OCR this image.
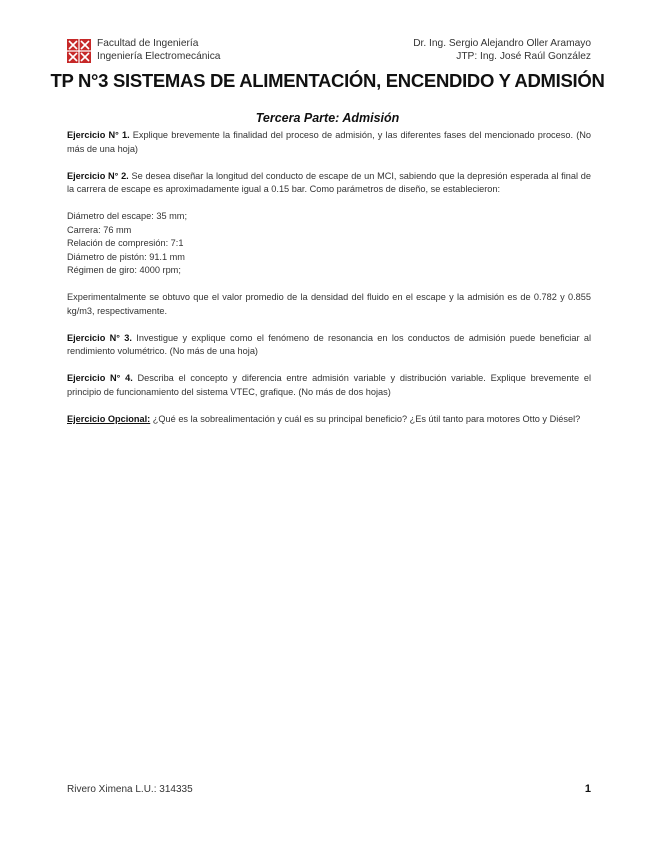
Facultad de Ingeniería
Ingeniería Electromecánica
Dr. Ing. Sergio Alejandro Oller Aramayo
JTP: Ing. José Raúl González
TP N°3 SISTEMAS DE ALIMENTACIÓN, ENCENDIDO Y ADMISIÓN
Tercera Parte: Admisión

Ejercicio N° 1. Explique brevemente la finalidad del proceso de admisión, y las diferentes fases del mencionado proceso. (No más de una hoja)

Ejercicio N° 2. Se desea diseñar la longitud del conducto de escape de un MCI, sabiendo que la depresión esperada al final de la carrera de escape es aproximadamente igual a 0.15 bar. Como parámetros de diseño, se establecieron:

Diámetro del escape: 35 mm;

Carrera: 76 mm

Relación de compresión: 7:1

Diámetro de pistón: 91.1 mm

Régimen de giro: 4000 rpm;

Experimentalmente se obtuvo que el valor promedio de la densidad del fluido en el escape y la admisión es de 0.782 y 0.855 kg/m3, respectivamente.

Ejercicio N° 3. Investigue y explique como el fenómeno de resonancia en los conductos de admisión puede beneficiar al rendimiento volumétrico. (No más de una hoja)

Ejercicio N° 4. Describa el concepto y diferencia entre admisión variable y distribución variable. Explique brevemente el principio de funcionamiento del sistema VTEC, grafique. (No más de dos hojas)

Ejercicio Opcional: ¿Qué es la sobrealimentación y cuál es su principal beneficio? ¿Es útil tanto para motores Otto y Diésel?

Rivero Ximena L.U.: 314335	1
